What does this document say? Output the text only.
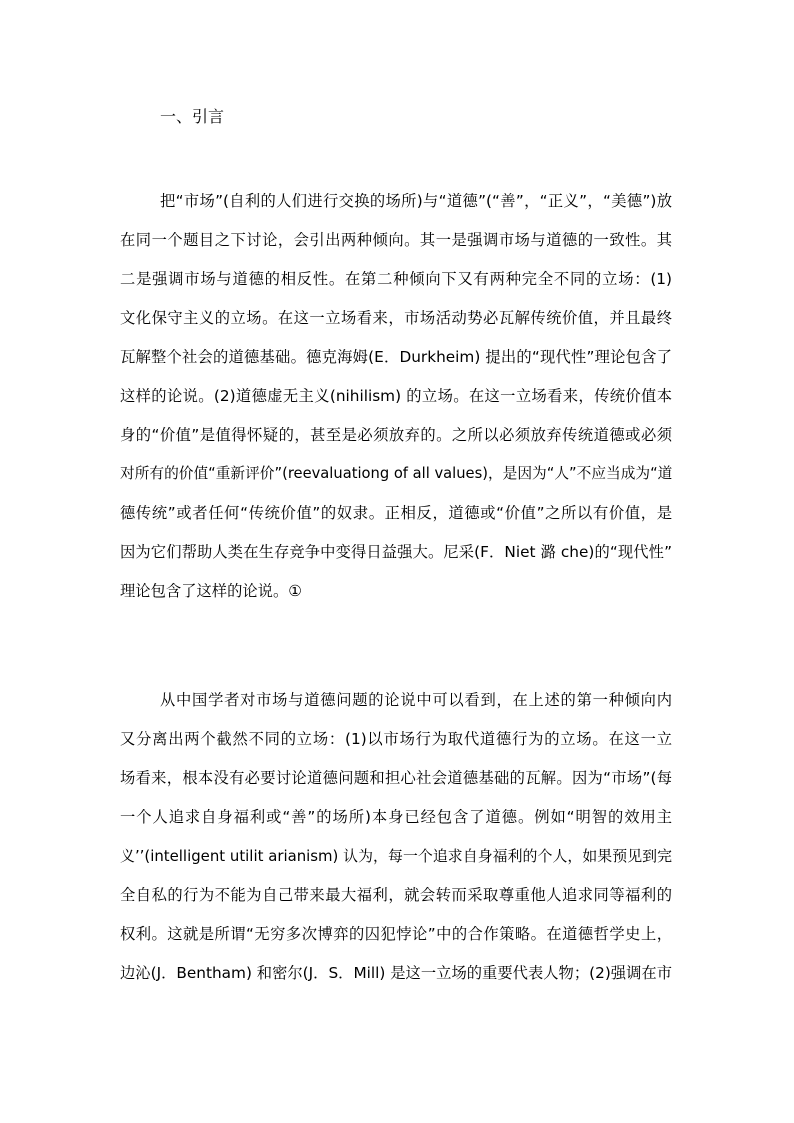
一、引言
把“市场”(自利的人们进行交换的场所)与“道德”(“善”，“正义”，“美德”)放
在同一个题目之下讨论，会引出两种倾向。其一是强调市场与道德的一致性。其
二是强调市场与道德的相反性。在第二种倾向下又有两种完全不同的立场：(1)
文化保守主义的立场。在这一立场看来，市场活动势必瓦解传统价值，并且最终
瓦解整个社会的道德基础。德克海姆(E．Durkheim) 提出的“现代性”理论包含了
这样的论说。(2)道德虚无主义(nihilism) 的立场。在这一立场看来，传统价值本
身的“价值”是值得怀疑的，甚至是必须放弃的。之所以必须放弃传统道德或必须
对所有的价值“重新评价”(reevaluationg of all values)，是因为“人”不应当成为“道
德传统”或者任何“传统价值”的奴隶。正相反，道德或“价值”之所以有价值，是
因为它们帮助人类在生存竞争中变得日益强大。尼采(F．Niet 潞 che)的“现代性”
理论包含了这样的论说。①
从中国学者对市场与道德问题的论说中可以看到，在上述的第一种倾向内
又分离出两个截然不同的立场：(1)以市场行为取代道德行为的立场。在这一立
场看来，根本没有必要讨论道德问题和担心社会道德基础的瓦解。因为“市场”(每
一个人追求自身福利或“善”的场所)本身已经包含了道德。例如“明智的效用主
义’’(intelligent utilit arianism) 认为，每一个追求自身福利的个人，如果预见到完
全自私的行为不能为自己带来最大福利，就会转而采取尊重他人追求同等福利的
权利。这就是所谓“无穷多次博弈的囚犯悖论”中的合作策略。在道德哲学史上，
边沁(J．Bentham) 和密尔(J．S．Mill) 是这一立场的重要代表人物；(2)强调在市
